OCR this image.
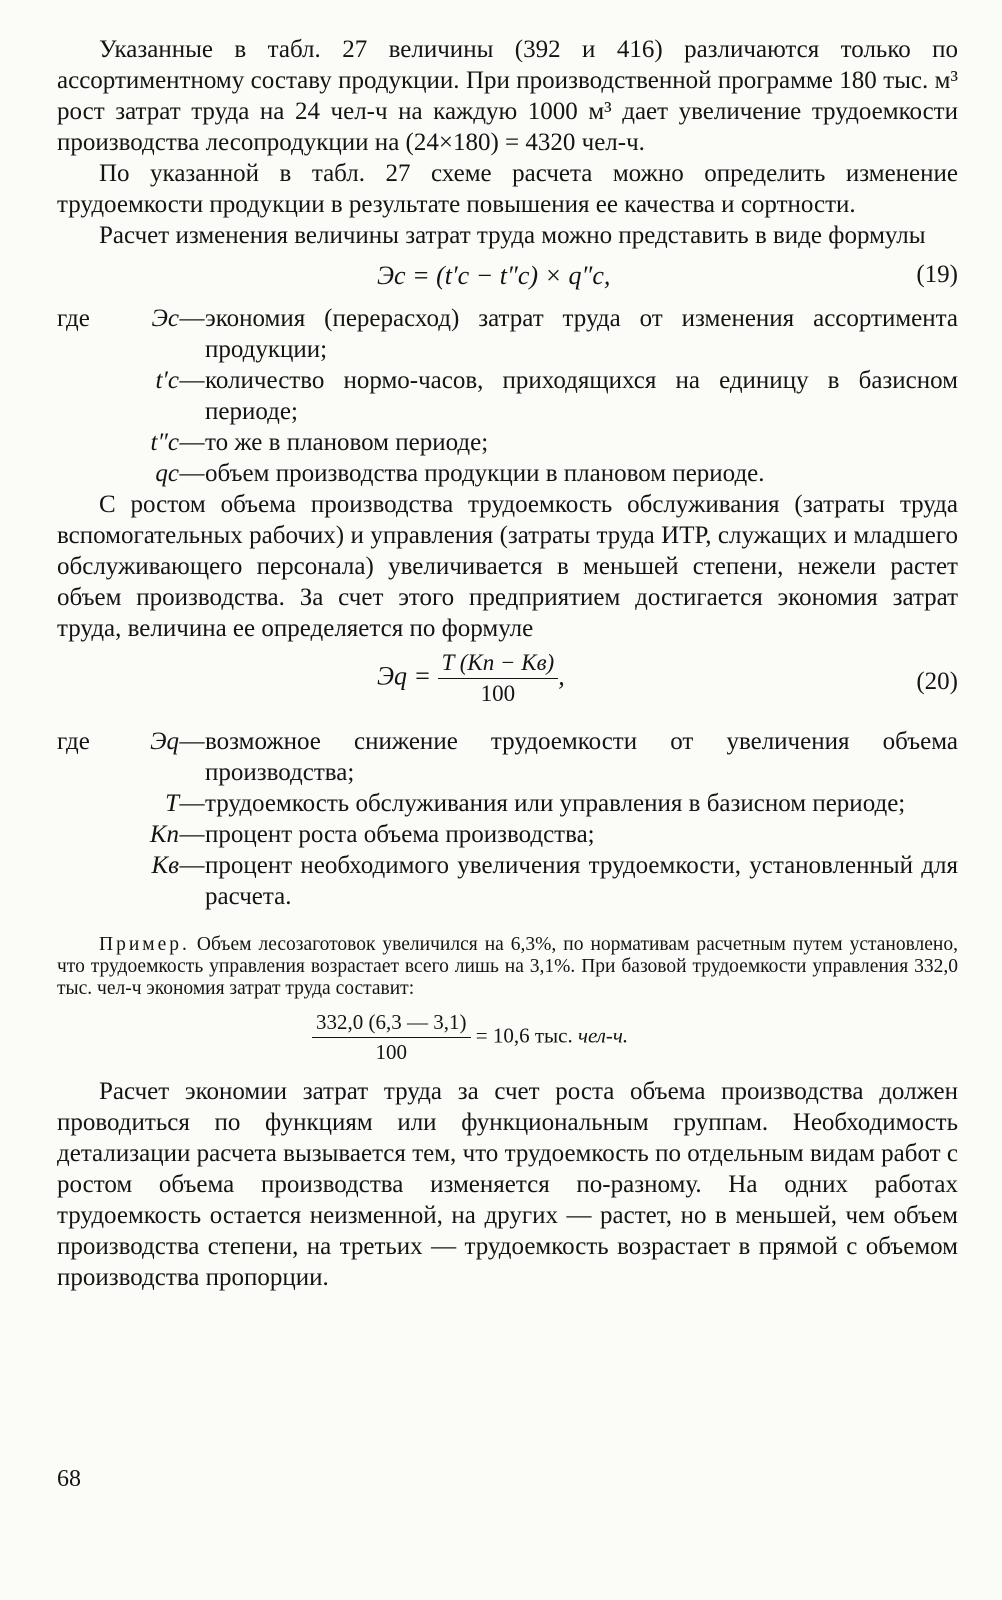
Указанные в табл. 27 величины (392 и 416) различаются только по ассортиментному составу продукции. При производственной программе 180 тыс. м³ рост затрат труда на 24 чел-ч на каждую 1000 м³ дает увеличение трудоемкости производства лесопродукции на (24×180) = 4320 чел-ч.

По указанной в табл. 27 схеме расчета можно определить изменение трудоемкости продукции в результате повышения ее качества и сортности.

Расчет изменения величины затрат труда можно представить в виде формулы

Эс = (t′с − t″с) × q″с,	(19)
где	Эс — экономия (перерасход) затрат труда от изменения ассортимента продукции;
t′с — количество нормо-часов, приходящихся на единицу в базисном периоде;
t″с — то же в плановом периоде;
qс — объем производства продукции в плановом периоде.

С ростом объема производства трудоемкость обслуживания (затраты труда вспомогательных рабочих) и управления (затраты труда ИТР, служащих и младшего обслуживающего персонала) увеличивается в меньшей степени, нежели растет объем производства. За счет этого предприятием достигается экономия затрат труда, величина ее определяется по формуле

Эq = $\frac{T (Kп - Kв)}{100}$ ,	(20)
где	Эq — возможное снижение трудоемкости от увеличения объема производства;
T — трудоемкость обслуживания или управления в базисном периоде;
Kп — процент роста объема производства;
Kв — процент необходимого увеличения трудоемкости, установленный для расчета.

Пример. Объем лесозаготовок увеличился на 6,3%, по нормативам расчетным путем установлено, что трудоемкость управления возрастает всего лишь на 3,1%. При базовой трудоемкости управления 332,0 тыс. чел-ч экономия затрат труда составит:

$\frac{332,0 (6,3 — 3,1)}{100} = 10,6$ тыс. чел-ч.

Расчет экономии затрат труда за счет роста объема производства должен проводиться по функциям или функциональным группам. Необходимость детализации расчета вызывается тем, что трудоемкость по отдельным видам работ с ростом объема производства изменяется по-разному. На одних работах трудоемкость остается неизменной, на других — растет, но в меньшей, чем объем производства степени, на третьих — трудоемкость возрастает в прямой с объемом производства пропорции.

68
